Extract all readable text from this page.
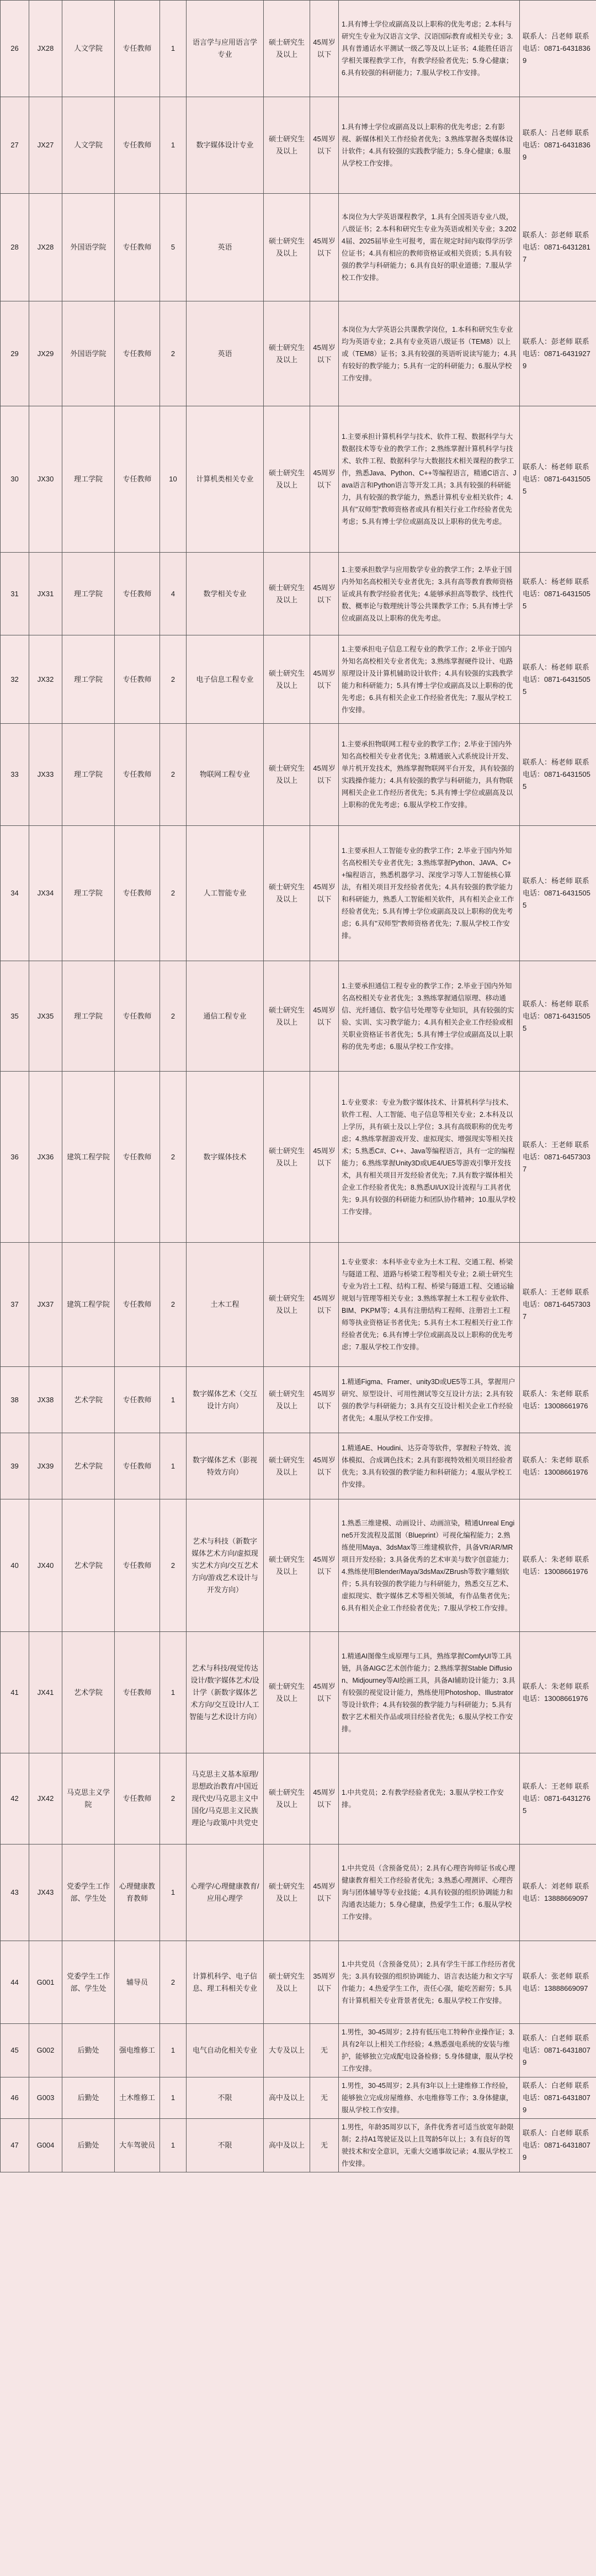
26	JX28	人文学院	专任教师	1	语言学与应用语言学专业	硕士研究生及以上	45周岁以下	1.具有博士学位或副高及以上职称的优先考虑；2.本科与研究生专业为汉语言文学、汉语国际教育或相关专业；3.具有普通话水平测试一级乙等及以上证书；4.能胜任语言学相关课程教学工作，有教学经验者优先；5.身心健康；6.具有较强的科研能力；7.服从学校工作安排。	联系人：吕老师 联系电话：0871-64318369
27	JX27	人文学院	专任教师	1	数字媒体设计专业	硕士研究生及以上	45周岁以下	1.具有博士学位或副高及以上职称的优先考虑；2.有影视、新媒体相关工作经验者优先；3.熟练掌握各类媒体设计软件；4.具有较强的实践教学能力；5.身心健康；6.服从学校工作安排。	联系人：吕老师 联系电话：0871-64318369
28	JX28	外国语学院	专任教师	5	英语	硕士研究生及以上	45周岁以下	本岗位为大学英语课程教学，1.具有全国英语专业八级，八级证书；2.本科和研究生专业为英语或相关专业；3.2024届、2025届毕业生可报考，需在规定时间内取得学历学位证书；4.具有相应的教师资格证或相关资质；5.具有较强的教学与科研能力；6.具有良好的职业道德；7.服从学校工作安排。	联系人：彭老师 联系电话：0871-64312817
29	JX29	外国语学院	专任教师	2	英语	硕士研究生及以上	45周岁以下	本岗位为大学英语公共课教学岗位，1.本科和研究生专业均为英语专业；2.具有专业英语八级证书（TEM8）以上或（TEM8）证书；3.具有较强的英语听说读写能力；4.具有较好的教学能力；5.具有一定的科研能力；6.服从学校工作安排。	联系人：彭老师 联系电话：0871-64319279
30	JX30	理工学院	专任教师	10	计算机类相关专业	硕士研究生及以上	45周岁以下	1.主要承担计算机科学与技术、软件工程、数据科学与大数据技术等专业的教学工作；2.熟练掌握计算机科学与技术、软件工程、数据科学与大数据技术相关课程的教学工作，熟悉Java、Python、C++等编程语言，精通C语言、Java语言和Python语言等开发工具；3.具有较强的科研能力，具有较强的教学能力，熟悉计算机专业相关软件；4.具有"双师型"教师资格者或具有相关行业工作经验者优先考虑；5.具有博士学位或副高及以上职称的优先考虑。	联系人：杨老师 联系电话：0871-64315055
31	JX31	理工学院	专任教师	4	数学相关专业	硕士研究生及以上	45周岁以下	1.主要承担数学与应用数学专业的教学工作；2.毕业于国内外知名高校相关专业者优先；3.具有高等教育教师资格证或具有教学经验者优先；4.能够承担高等数学、线性代数、概率论与数理统计等公共课教学工作；5.具有博士学位或副高及以上职称的优先考虑。	联系人：杨老师 联系电话：0871-64315055
32	JX32	理工学院	专任教师	2	电子信息工程专业	硕士研究生及以上	45周岁以下	1.主要承担电子信息工程专业的教学工作；2.毕业于国内外知名高校相关专业者优先；3.熟练掌握硬件设计、电路原理设计及计算机辅助设计软件；4.具有较强的实践教学能力和科研能力；5.具有博士学位或副高及以上职称的优先考虑；6.具有相关企业工作经验者优先；7.服从学校工作安排。	联系人：杨老师 联系电话：0871-64315055
33	JX33	理工学院	专任教师	2	物联网工程专业	硕士研究生及以上	45周岁以下	1.主要承担物联网工程专业的教学工作；2.毕业于国内外知名高校相关专业者优先；3.精通嵌入式系统设计开发、单片机开发技术，熟练掌握物联网平台开发，具有较强的实践操作能力；4.具有较强的教学与科研能力，具有物联网相关企业工作经历者优先；5.具有博士学位或副高及以上职称的优先考虑；6.服从学校工作安排。	联系人：杨老师 联系电话：0871-64315055
34	JX34	理工学院	专任教师	2	人工智能专业	硕士研究生及以上	45周岁以下	1.主要承担人工智能专业的教学工作；2.毕业于国内外知名高校相关专业者优先；3.熟练掌握Python、JAVA、C++编程语言，熟悉机器学习、深度学习等人工智能核心算法，有相关项目开发经验者优先；4.具有较强的教学能力和科研能力，熟悉人工智能相关软件，具有相关企业工作经验者优先；5.具有博士学位或副高及以上职称的优先考虑；6.具有"双师型"教师资格者优先；7.服从学校工作安排。	联系人：杨老师 联系电话：0871-64315055
35	JX35	理工学院	专任教师	2	通信工程专业	硕士研究生及以上	45周岁以下	1.主要承担通信工程专业的教学工作；2.毕业于国内外知名高校相关专业者优先；3.熟练掌握通信原理、移动通信、光纤通信、数字信号处理等专业知识，具有较强的实验、实训、实习教学能力；4.具有相关企业工作经验或相关职业资格证书者优先；5.具有博士学位或副高及以上职称的优先考虑；6.服从学校工作安排。	联系人：杨老师 联系电话：0871-64315055
36	JX36	建筑工程学院	专任教师	2	数字媒体技术	硕士研究生及以上	45周岁以下	1.专业要求：专业为数字媒体技术、计算机科学与技术、软件工程、人工智能、电子信息等相关专业；2.本科及以上学历，具有硕士及以上学位；3.具有高级职称的优先考虑；4.熟练掌握游戏开发、虚拟现实、增强现实等相关技术；5.熟悉C#、C++、Java等编程语言，具有一定的编程能力；6.熟练掌握Unity3D或UE4/UE5等游戏引擎开发技术，具有相关项目开发经验者优先；7.具有数字媒体相关企业工作经验者优先；8.熟悉UI/UX设计流程与工具者优先；9.具有较强的科研能力和团队协作精神；10.服从学校工作安排。	联系人：王老师 联系电话：0871-64573037
37	JX37	建筑工程学院	专任教师	2	土木工程	硕士研究生及以上	45周岁以下	1.专业要求：本科毕业专业为土木工程、交通工程、桥梁与隧道工程、道路与桥梁工程等相关专业；2.硕士研究生专业为岩土工程、结构工程、桥梁与隧道工程、交通运输规划与管理等相关专业；3.熟练掌握土木工程专业软件、BIM、PKPM等；4.具有注册结构工程师、注册岩土工程师等执业资格证书者优先；5.具有土木工程相关行业工作经验者优先；6.具有博士学位或副高及以上职称的优先考虑；7.服从学校工作安排。	联系人：王老师 联系电话：0871-64573037
38	JX38	艺术学院	专任教师	1	数字媒体艺术（交互设计方向）	硕士研究生及以上	45周岁以下	1.精通Figma、Framer、unity3D或UE5等工具，掌握用户研究、原型设计、可用性测试等交互设计方法；2.具有较强的教学与科研能力；3.具有交互设计相关企业工作经验者优先；4.服从学校工作安排。	联系人：朱老师 联系电话：13008661976
39	JX39	艺术学院	专任教师	1	数字媒体艺术（影视特效方向）	硕士研究生及以上	45周岁以下	1.精通AE、Houdini、达芬奇等软件，掌握粒子特效、流体模拟、合成调色技术；2.具有影视特效相关项目经验者优先；3.具有较强的教学能力和科研能力；4.服从学校工作安排。	联系人：朱老师 联系电话：13008661976
40	JX40	艺术学院	专任教师	2	艺术与科技（新数字媒体艺术方向/虚拟现实艺术方向/交互艺术方向/游戏艺术设计与开发方向）	硕士研究生及以上	45周岁以下	1.熟悉三维建模、动画设计、动画渲染，精通Unreal Engine5开发流程及蓝图（Blueprint）可视化编程能力；2.熟练使用Maya、3dsMax等三维建模软件，具备VR/AR/MR项目开发经验；3.具备优秀的艺术审美与数字创意能力；4.熟练使用Blender/Maya/3dsMax/ZBrush等数字雕刻软件；5.具有较强的教学能力与科研能力，熟悉交互艺术、虚拟现实、数字媒体艺术等相关领域，有作品集者优先；6.具有相关企业工作经验者优先；7.服从学校工作安排。	联系人：朱老师 联系电话：13008661976
41	JX41	艺术学院	专任教师	1	艺术与科技/视觉传达设计/数字媒体艺术/设计学（新数字媒体艺术方向/交互设计/人工智能与艺术设计方向）	硕士研究生及以上	45周岁以下	1.精通AI图像生成原理与工具，熟练掌握ComfyUI等工具链，具备AIGC艺术创作能力；2.熟练掌握Stable Diffusion、Midjourney等AI绘画工具，具备AI辅助设计能力；3.具有较强的视觉设计能力，熟练使用Photoshop、Illustrator等设计软件；4.具有较强的教学能力与科研能力；5.具有数字艺术相关作品或项目经验者优先；6.服从学校工作安排。	联系人：朱老师 联系电话：13008661976
42	JX42	马克思主义学院	专任教师	2	马克思主义基本原理/思想政治教育/中国近现代史/马克思主义中国化/马克思主义民族理论与政策/中共党史	硕士研究生及以上	45周岁以下	1.中共党员；2.有教学经验者优先；3.服从学校工作安排。	联系人：王老师 联系电话：0871-64312765
43	JX43	党委学生工作部、学生处	心理健康教育教师	1	心理学/心理健康教育/应用心理学	硕士研究生及以上	45周岁以下	1.中共党员（含预备党员）；2.具有心理咨询师证书或心理健康教育相关工作经验者优先；3.熟悉心理测评、心理咨询与团体辅导等专业技能；4.具有较强的组织协调能力和沟通表达能力；5.身心健康，热爱学生工作；6.服从学校工作安排。	联系人：刘老师 联系电话：13888669097
44	G001	党委学生工作部、学生处	辅导员	2	计算机科学、电子信息、理工科相关专业	硕士研究生及以上	35周岁以下	1.中共党员（含预备党员）；2.具有学生干部工作经历者优先；3.具有较强的组织协调能力、语言表达能力和文字写作能力；4.热爱学生工作，责任心强，能吃苦耐劳；5.具有计算机相关专业背景者优先；6.服从学校工作安排。	联系人：张老师 联系电话：13888669097
45	G002	后勤处	强电维修工	1	电气自动化相关专业	大专及以上	无	1.男性，30-45周岁；2.持有低压电工特种作业操作证；3.具有2年以上相关工作经验；4.熟悉强电系统的安装与维护，能够独立完成配电设备检修；5.身体健康，服从学校工作安排。	联系人：白老师 联系电话：0871-64318079
46	G003	后勤处	土木维修工	1	不限	高中及以上	无	1.男性，30-45周岁；2.具有3年以上土建维修工作经验，能够独立完成房屋维修、水电维修等工作；3.身体健康，服从学校工作安排。	联系人：白老师 联系电话：0871-64318079
47	G004	后勤处	大车驾驶员	1	不限	高中及以上	无	1.男性，年龄35周岁以下，条件优秀者可适当放宽年龄限制；2.持A1驾驶证及以上且驾龄5年以上；3.有良好的驾驶技术和安全意识，无重大交通事故记录；4.服从学校工作安排。	联系人：白老师 联系电话：0871-64318079
